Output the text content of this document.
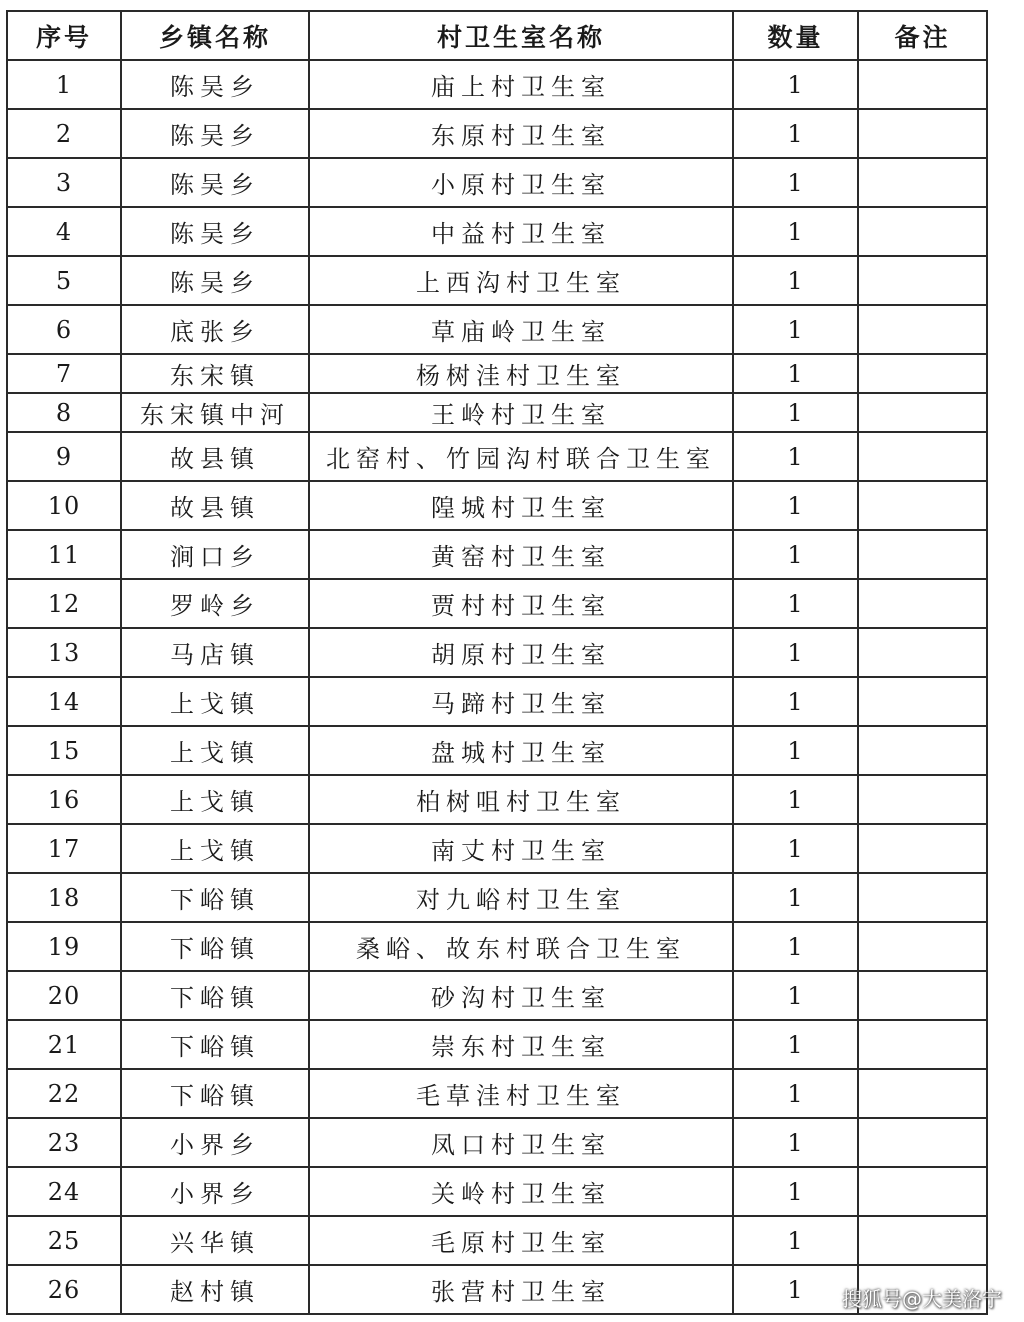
序号	乡镇名称	村卫生室名称	数量	备注
1	陈吴乡	庙上村卫生室	1	
2	陈吴乡	东原村卫生室	1	
3	陈吴乡	小原村卫生室	1	
4	陈吴乡	中益村卫生室	1	
5	陈吴乡	上西沟村卫生室	1	
6	底张乡	草庙岭卫生室	1	
7	东宋镇	杨树洼村卫生室	1	
8	东宋镇中河	王岭村卫生室	1	
9	故县镇	北窑村、竹园沟村联合卫生室	1	
10	故县镇	隍城村卫生室	1	
11	涧口乡	黄窑村卫生室	1	
12	罗岭乡	贾村村卫生室	1	
13	马店镇	胡原村卫生室	1	
14	上戈镇	马蹄村卫生室	1	
15	上戈镇	盘城村卫生室	1	
16	上戈镇	柏树咀村卫生室	1	
17	上戈镇	南丈村卫生室	1	
18	下峪镇	对九峪村卫生室	1	
19	下峪镇	桑峪、故东村联合卫生室	1	
20	下峪镇	砂沟村卫生室	1	
21	下峪镇	崇东村卫生室	1	
22	下峪镇	毛草洼村卫生室	1	
23	小界乡	凤口村卫生室	1	
24	小界乡	关岭村卫生室	1	
25	兴华镇	毛原村卫生室	1	
26	赵村镇	张营村卫生室	1	搜狐号@大美洛宁
